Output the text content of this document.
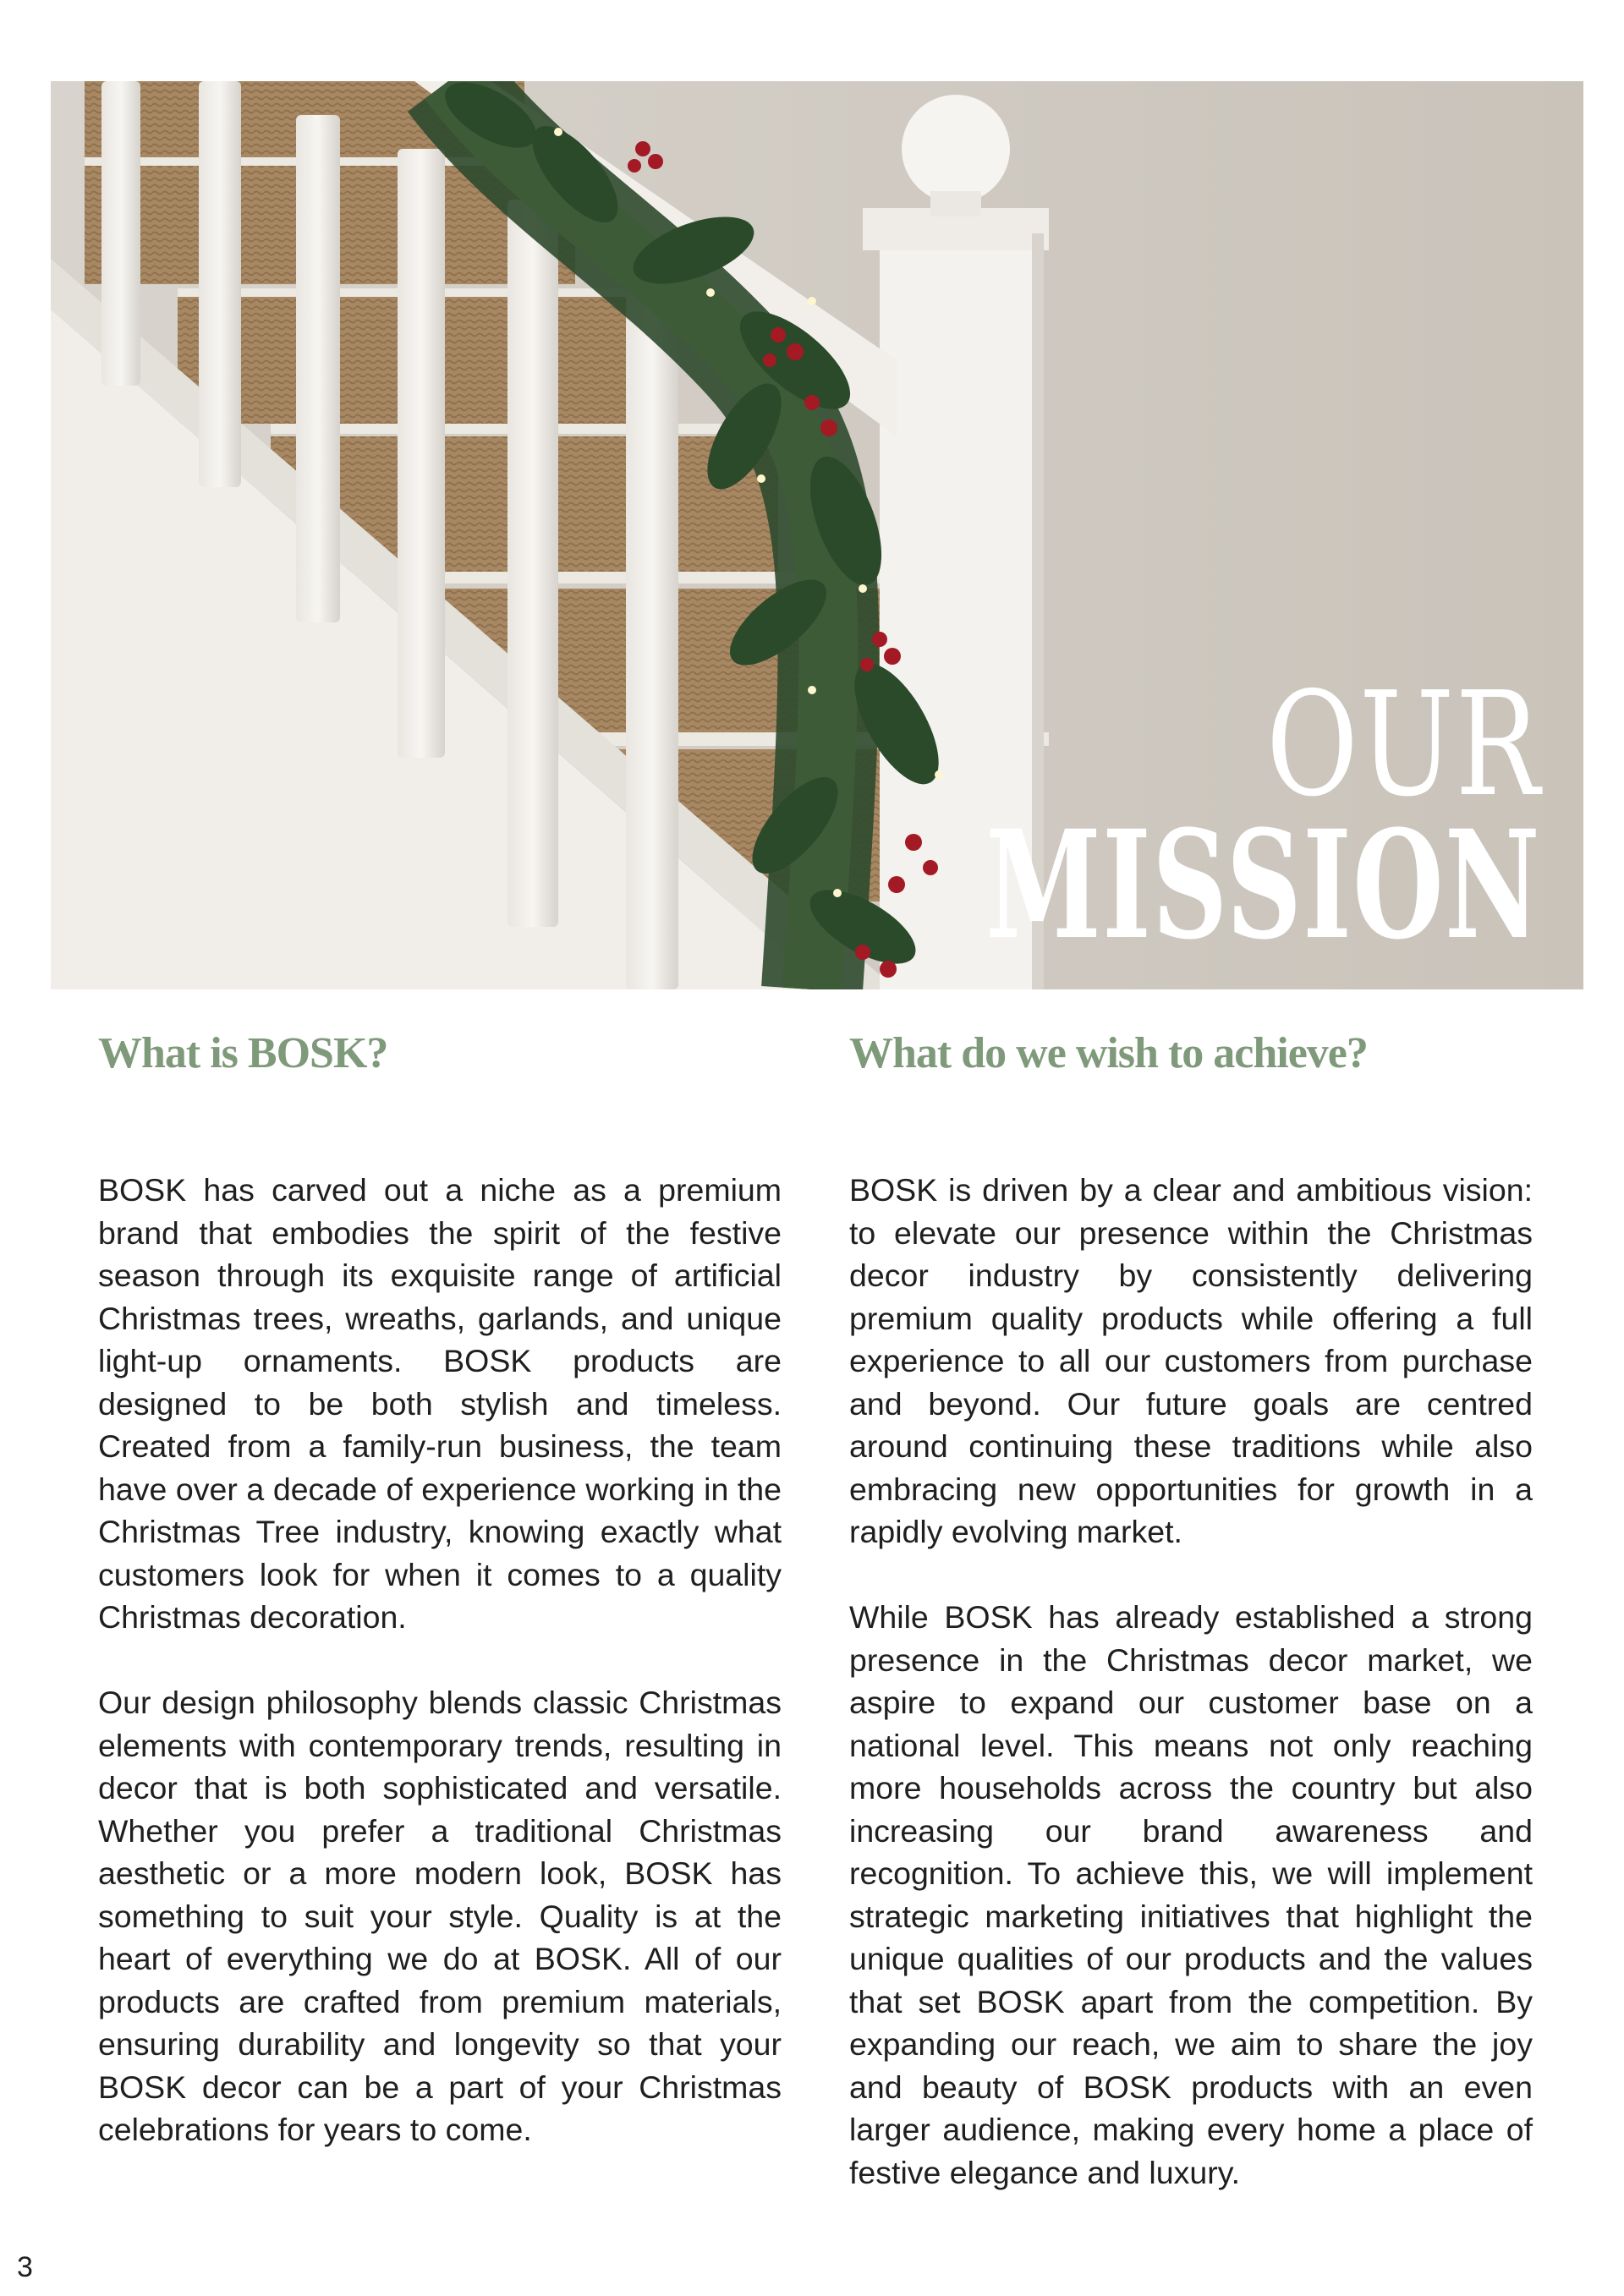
OUR
MISSION
What is BOSK?

BOSK has carved out a niche as a premium brand that embodies the spirit of the festive season through its exquisite range of artificial Christmas trees, wreaths, garlands, and unique light-up ornaments. BOSK products are designed to be both stylish and timeless. Created from a family-run business, the team have over a decade of experience working in the Christmas Tree industry, knowing exactly what customers look for when it comes to a quality Christmas decoration.

Our design philosophy blends classic Christmas elements with contemporary trends, resulting in decor that is both sophisticated and versatile. Whether you prefer a traditional Christmas aesthetic or a more modern look, BOSK has something to suit your style. Quality is at the heart of everything we do at BOSK. All of our products are crafted from premium materials, ensuring durability and longevity so that your BOSK decor can be a part of your Christmas celebrations for years to come.

What do we wish to achieve?

BOSK is driven by a clear and ambitious vision: to elevate our presence within the Christmas decor industry by consistently delivering premium quality products while offering a full experience to all our customers from purchase and beyond. Our future goals are centred around continuing these traditions while also embracing new opportunities for growth in a rapidly evolving market.

While BOSK has already established a strong presence in the Christmas decor market, we aspire to expand our customer base on a national level. This means not only reaching more households across the country but also increasing our brand awareness and recognition. To achieve this, we will implement strategic marketing initiatives that highlight the unique qualities of our products and the values that set BOSK apart from the competition. By expanding our reach, we aim to share the joy and beauty of BOSK products with an even larger audience, making every home a place of festive elegance and luxury.

3
